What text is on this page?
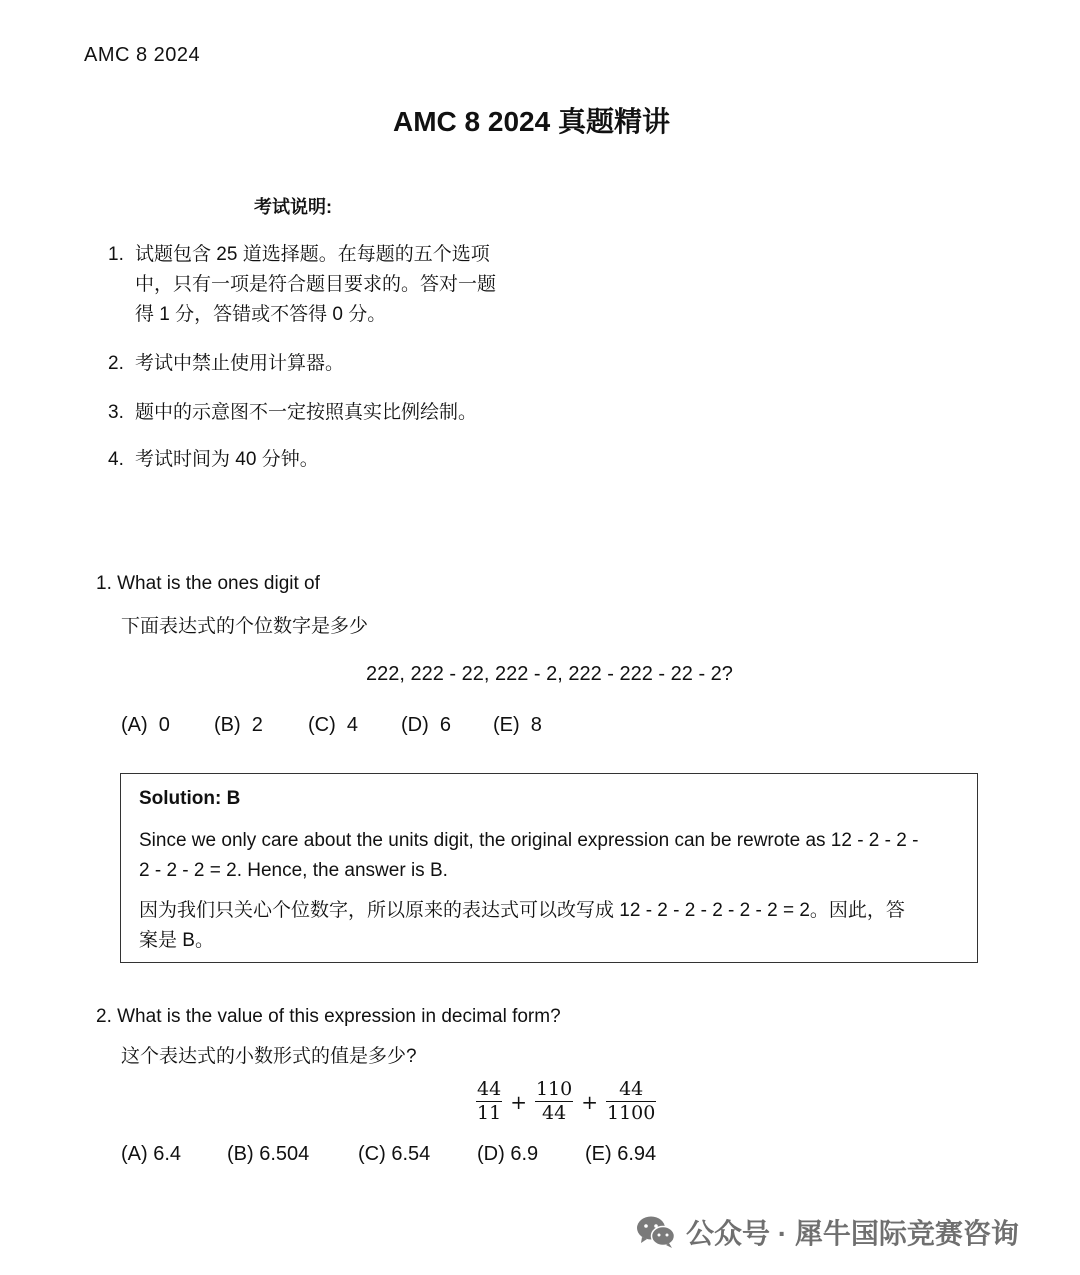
AMC 8 2024
AMC 8 2024 真题精讲
考试说明:
1. 试题包含 25 道选择题。在每题的五个选项
中，只有一项是符合题目要求的。答对一题
得 1 分，答错或不答得 0 分。
2. 考试中禁止使用计算器。
3. 题中的示意图不一定按照真实比例绘制。
4. 考试时间为 40 分钟。
1. What is the ones digit of
下面表达式的个位数字是多少
222, 222 - 22, 222 - 2, 222 - 222 - 22 - 2?
(A) 0 (B) 2 (C) 4 (D) 6 (E) 8
Solution: B
Since we only care about the units digit, the original expression can be rewrote as 12 - 2 - 2 -
2 - 2 - 2 = 2. Hence, the answer is B.
因为我们只关心个位数字，所以原来的表达式可以改写成 12 - 2 - 2 - 2 - 2 - 2 = 2。因此，答
案是 B。
2. What is the value of this expression in decimal form?
这个表达式的小数形式的值是多少?
$\frac{44}{11} + \frac{110}{44} + \frac{44}{1100}$
(A) 6.4 (B) 6.504 (C) 6.54 (D) 6.9 (E) 6.94
公众号 · 犀牛国际竞赛咨询
